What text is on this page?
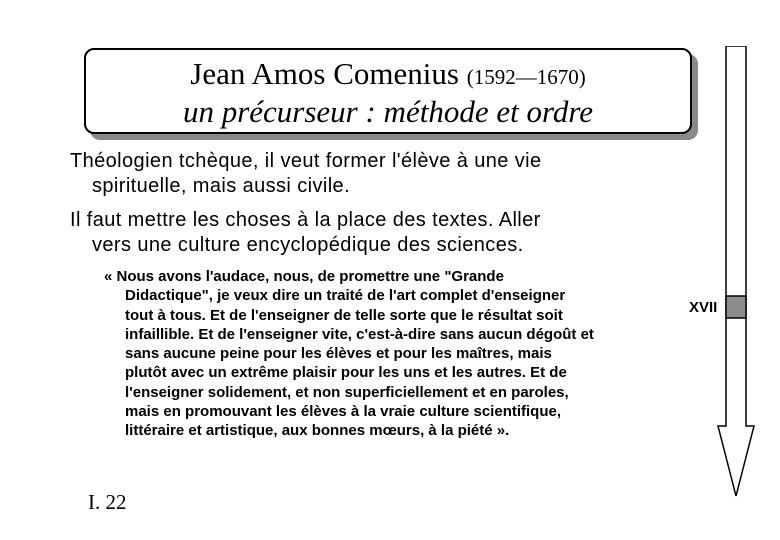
Jean Amos Comenius (1592—1670)
un précurseur : méthode et ordre
Théologien tchèque, il veut former l'élève à une vie
spirituelle, mais aussi civile.
Il faut mettre les choses à la place des textes. Aller
vers une culture encyclopédique des sciences.
« Nous avons l'audace, nous, de promettre une "Grande
Didactique", je veux dire un traité de l'art complet d'enseigner
tout à tous. Et de l'enseigner de telle sorte que le résultat soit
infaillible. Et de l'enseigner vite, c'est-à-dire sans aucun dégoût et
sans aucune peine pour les élèves et pour les maîtres, mais
plutôt avec un extrême plaisir pour les uns et les autres. Et de
l'enseigner solidement, et non superficiellement et en paroles,
mais en promouvant les élèves à la vraie culture scientifique,
littéraire et artistique, aux bonnes mœurs, à la piété ».
XVII
I. 22
